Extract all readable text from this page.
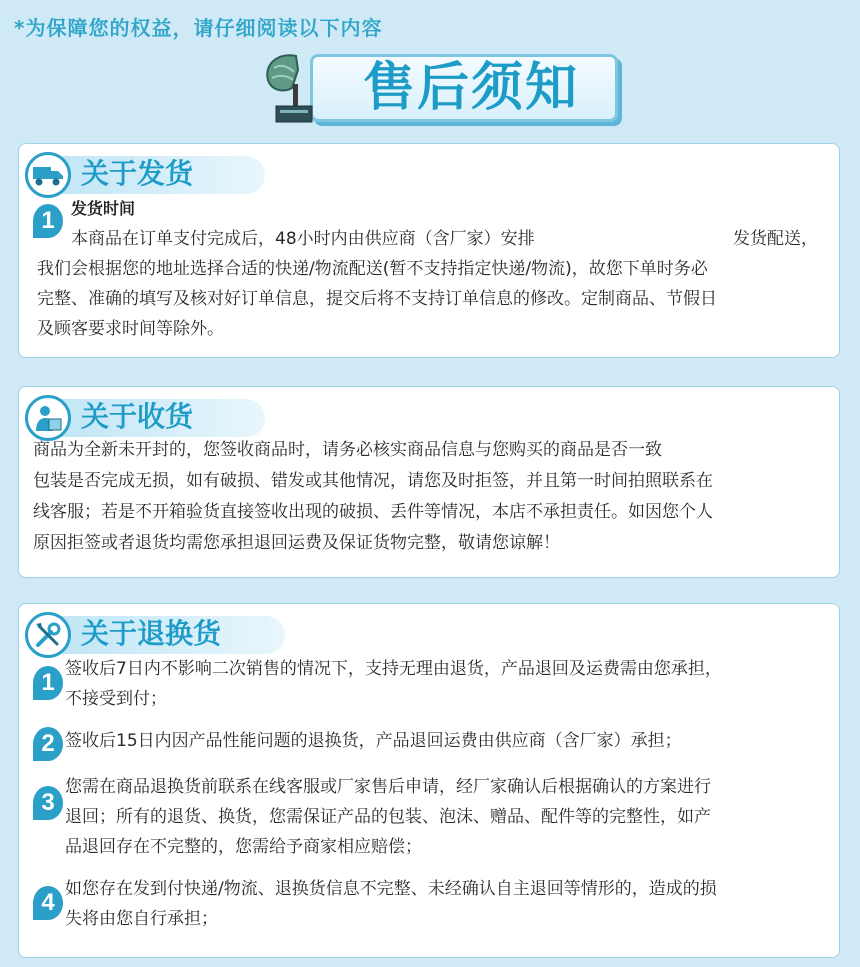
*为保障您的权益，请仔细阅读以下内容
售后须知
关于发货
1	发货时间
本商品在订单支付完成后，48小时内由供应商（含厂家）安排	发货配送，
我们会根据您的地址选择合适的快递/物流配送(暂不支持指定快递/物流)，故您下单时务必
完整、准确的填写及核对好订单信息，提交后将不支持订单信息的修改。定制商品、节假日
及顾客要求时间等除外。
关于收货
商品为全新未开封的，您签收商品时，请务必核实商品信息与您购买的商品是否一致
包装是否完成无损，如有破损、错发或其他情况，请您及时拒签，并且第一时间拍照联系在
线客服；若是不开箱验货直接签收出现的破损、丢件等情况，本店不承担责任。如因您个人
原因拒签或者退货均需您承担退回运费及保证货物完整，敬请您谅解！
关于退换货
1 签收后7日内不影响二次销售的情况下，支持无理由退货，产品退回及运费需由您承担，
不接受到付；
2 签收后15日内因产品性能问题的退换货，产品退回运费由供应商（含厂家）承担；
3
您需在商品退换货前联系在线客服或厂家售后申请，经厂家确认后根据确认的方案进行
退回；所有的退货、换货，您需保证产品的包装、泡沫、赠品、配件等的完整性，如产
品退回存在不完整的，您需给予商家相应赔偿；
4 如您存在发到付快递/物流、退换货信息不完整、未经确认自主退回等情形的，造成的损
失将由您自行承担；
